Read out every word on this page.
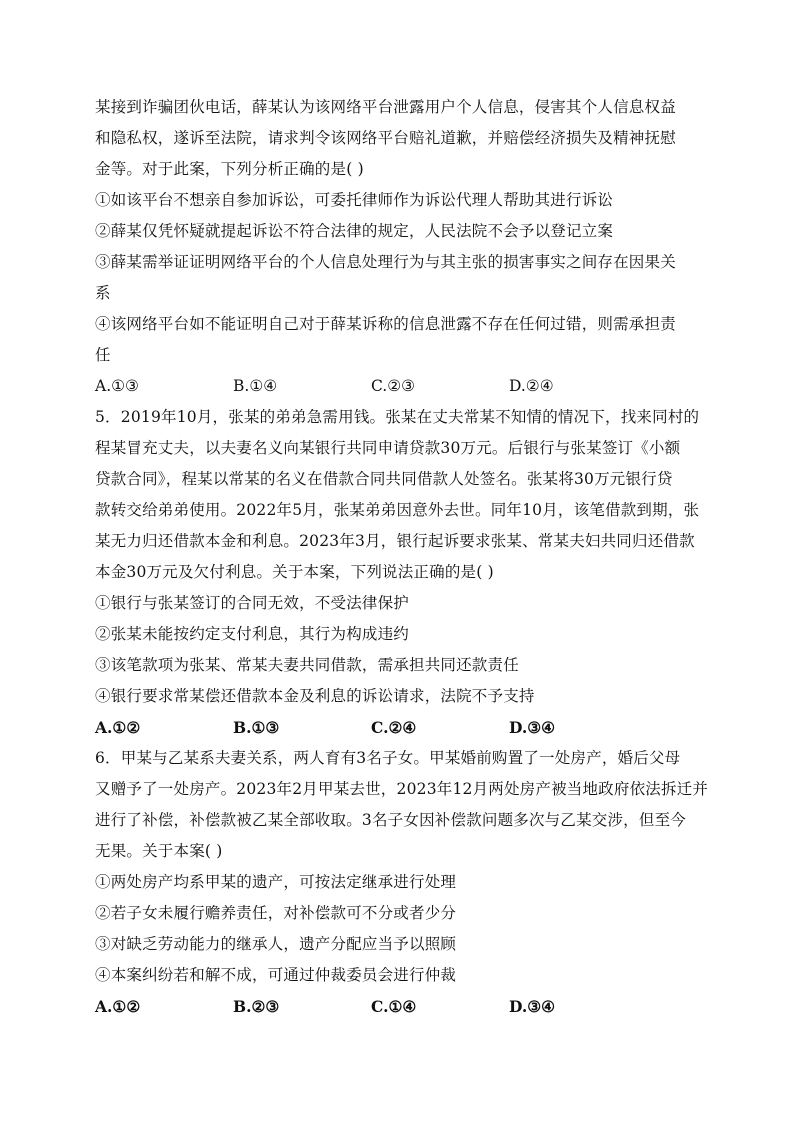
某接到诈骗团伙电话，薛某认为该网络平台泄露用户个人信息，侵害其个人信息权益
和隐私权，遂诉至法院，请求判令该网络平台赔礼道歉，并赔偿经济损失及精神抚慰
金等。对于此案，下列分析正确的是( )
①如该平台不想亲自参加诉讼，可委托律师作为诉讼代理人帮助其进行诉讼
②薛某仅凭怀疑就提起诉讼不符合法律的规定，人民法院不会予以登记立案
③薛某需举证证明网络平台的个人信息处理行为与其主张的损害事实之间存在因果关
系
④该网络平台如不能证明自己对于薛某诉称的信息泄露不存在任何过错，则需承担责
任
A.①③	B.①④	C.②③	D.②④
5．2019年10月，张某的弟弟急需用钱。张某在丈夫常某不知情的情况下，找来同村的
程某冒充丈夫，以夫妻名义向某银行共同申请贷款30万元。后银行与张某签订《小额
贷款合同》，程某以常某的名义在借款合同共同借款人处签名。张某将30万元银行贷
款转交给弟弟使用。2022年5月，张某弟弟因意外去世。同年10月，该笔借款到期，张
某无力归还借款本金和利息。2023年3月，银行起诉要求张某、常某夫妇共同归还借款
本金30万元及欠付利息。关于本案，下列说法正确的是( )
①银行与张某签订的合同无效，不受法律保护
②张某未能按约定支付利息，其行为构成违约
③该笔款项为张某、常某夫妻共同借款，需承担共同还款责任
④银行要求常某偿还借款本金及利息的诉讼请求，法院不予支持
A.①②	B.①③	C.②④	D.③④
6．甲某与乙某系夫妻关系，两人育有3名子女。甲某婚前购置了一处房产，婚后父母
又赠予了一处房产。2023年2月甲某去世，2023年12月两处房产被当地政府依法拆迁并
进行了补偿，补偿款被乙某全部收取。3名子女因补偿款问题多次与乙某交涉，但至今
无果。关于本案( )
①两处房产均系甲某的遗产，可按法定继承进行处理
②若子女未履行赡养责任，对补偿款可不分或者少分
③对缺乏劳动能力的继承人，遗产分配应当予以照顾
④本案纠纷若和解不成，可通过仲裁委员会进行仲裁
A.①②	B.②③	C.①④	D.③④
